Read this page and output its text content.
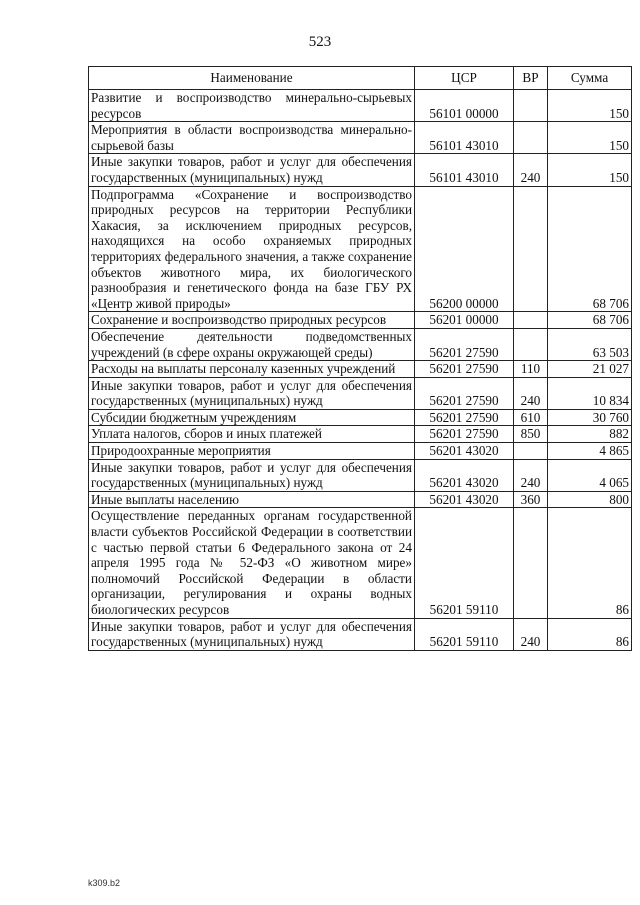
523
Наименование	ЦСР	ВР	Сумма
Развитие и воспроизводство минерально-сырьевых ресурсов	56101 00000		150
Мероприятия в области воспроизводства минерально-сырьевой базы	56101 43010		150
Иные закупки товаров, работ и услуг для обеспечения государственных (муниципальных) нужд	56101 43010	240	150
Подпрограмма «Сохранение и воспроизводство природных ресурсов на территории Республики Хакасия, за исключением природных ресурсов, находящихся на особо охраняемых природных территориях федерального значения, а также сохранение объектов животного мира, их биологического разнообразия и генетического фонда на базе ГБУ РХ «Центр живой природы»	56200 00000		68 706
Сохранение и воспроизводство природных ресурсов	56201 00000		68 706
Обеспечение деятельности подведомственных учреждений (в сфере охраны окружающей среды)	56201 27590		63 503
Расходы на выплаты персоналу казенных учреждений	56201 27590	110	21 027
Иные закупки товаров, работ и услуг для обеспечения государственных (муниципальных) нужд	56201 27590	240	10 834
Субсидии бюджетным учреждениям	56201 27590	610	30 760
Уплата налогов, сборов и иных платежей	56201 27590	850	882
Природоохранные мероприятия	56201 43020		4 865
Иные закупки товаров, работ и услуг для обеспечения государственных (муниципальных) нужд	56201 43020	240	4 065
Иные выплаты населению	56201 43020	360	800
Осуществление переданных органам государственной власти субъектов Российской Федерации в соответствии с частью первой статьи 6 Федерального закона от 24 апреля 1995 года № 52-ФЗ «О животном мире» полномочий Российской Федерации в области организации, регулирования и охраны водных биологических ресурсов	56201 59110		86
Иные закупки товаров, работ и услуг для обеспечения государственных (муниципальных) нужд	56201 59110	240	86
k309.b2
